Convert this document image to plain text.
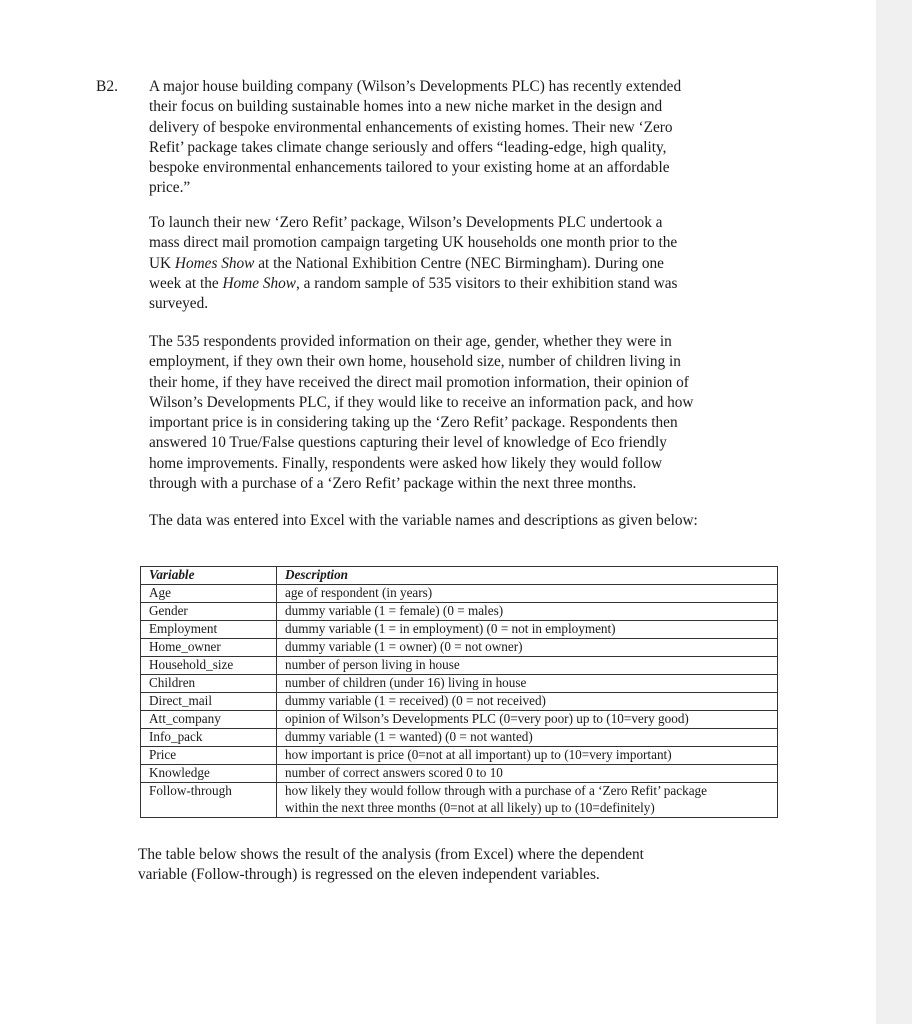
B2. A major house building company (Wilson’s Developments PLC) has recently extended
their focus on building sustainable homes into a new niche market in the design and
delivery of bespoke environmental enhancements of existing homes. Their new ‘Zero
Refit’ package takes climate change seriously and offers “leading-edge, high quality,
bespoke environmental enhancements tailored to your existing home at an affordable
price.”
To launch their new ‘Zero Refit’ package, Wilson’s Developments PLC undertook a
mass direct mail promotion campaign targeting UK households one month prior to the
UK Homes Show at the National Exhibition Centre (NEC Birmingham). During one
week at the Home Show, a random sample of 535 visitors to their exhibition stand was
surveyed.
The 535 respondents provided information on their age, gender, whether they were in
employment, if they own their own home, household size, number of children living in
their home, if they have received the direct mail promotion information, their opinion of
Wilson’s Developments PLC, if they would like to receive an information pack, and how
important price is in considering taking up the ‘Zero Refit’ package. Respondents then
answered 10 True/False questions capturing their level of knowledge of Eco friendly
home improvements. Finally, respondents were asked how likely they would follow
through with a purchase of a ‘Zero Refit’ package within the next three months.
The data was entered into Excel with the variable names and descriptions as given below:
Variable	Description
Age	age of respondent (in years)
Gender	dummy variable (1 = female) (0 = males)
Employment	dummy variable (1 = in employment) (0 = not in employment)
Home_owner	dummy variable (1 = owner) (0 = not owner)
Household_size	number of person living in house
Children	number of children (under 16) living in house
Direct_mail	dummy variable (1 = received) (0 = not received)
Att_company	opinion of Wilson’s Developments PLC (0=very poor) up to (10=very good)
Info_pack	dummy variable (1 = wanted) (0 = not wanted)
Price	how important is price (0=not at all important) up to (10=very important)
Knowledge	number of correct answers scored 0 to 10
Follow-through	how likely they would follow through with a purchase of a ‘Zero Refit’ package
	within the next three months (0=not at all likely) up to (10=definitely)
The table below shows the result of the analysis (from Excel) where the dependent
variable (Follow-through) is regressed on the eleven independent variables.
